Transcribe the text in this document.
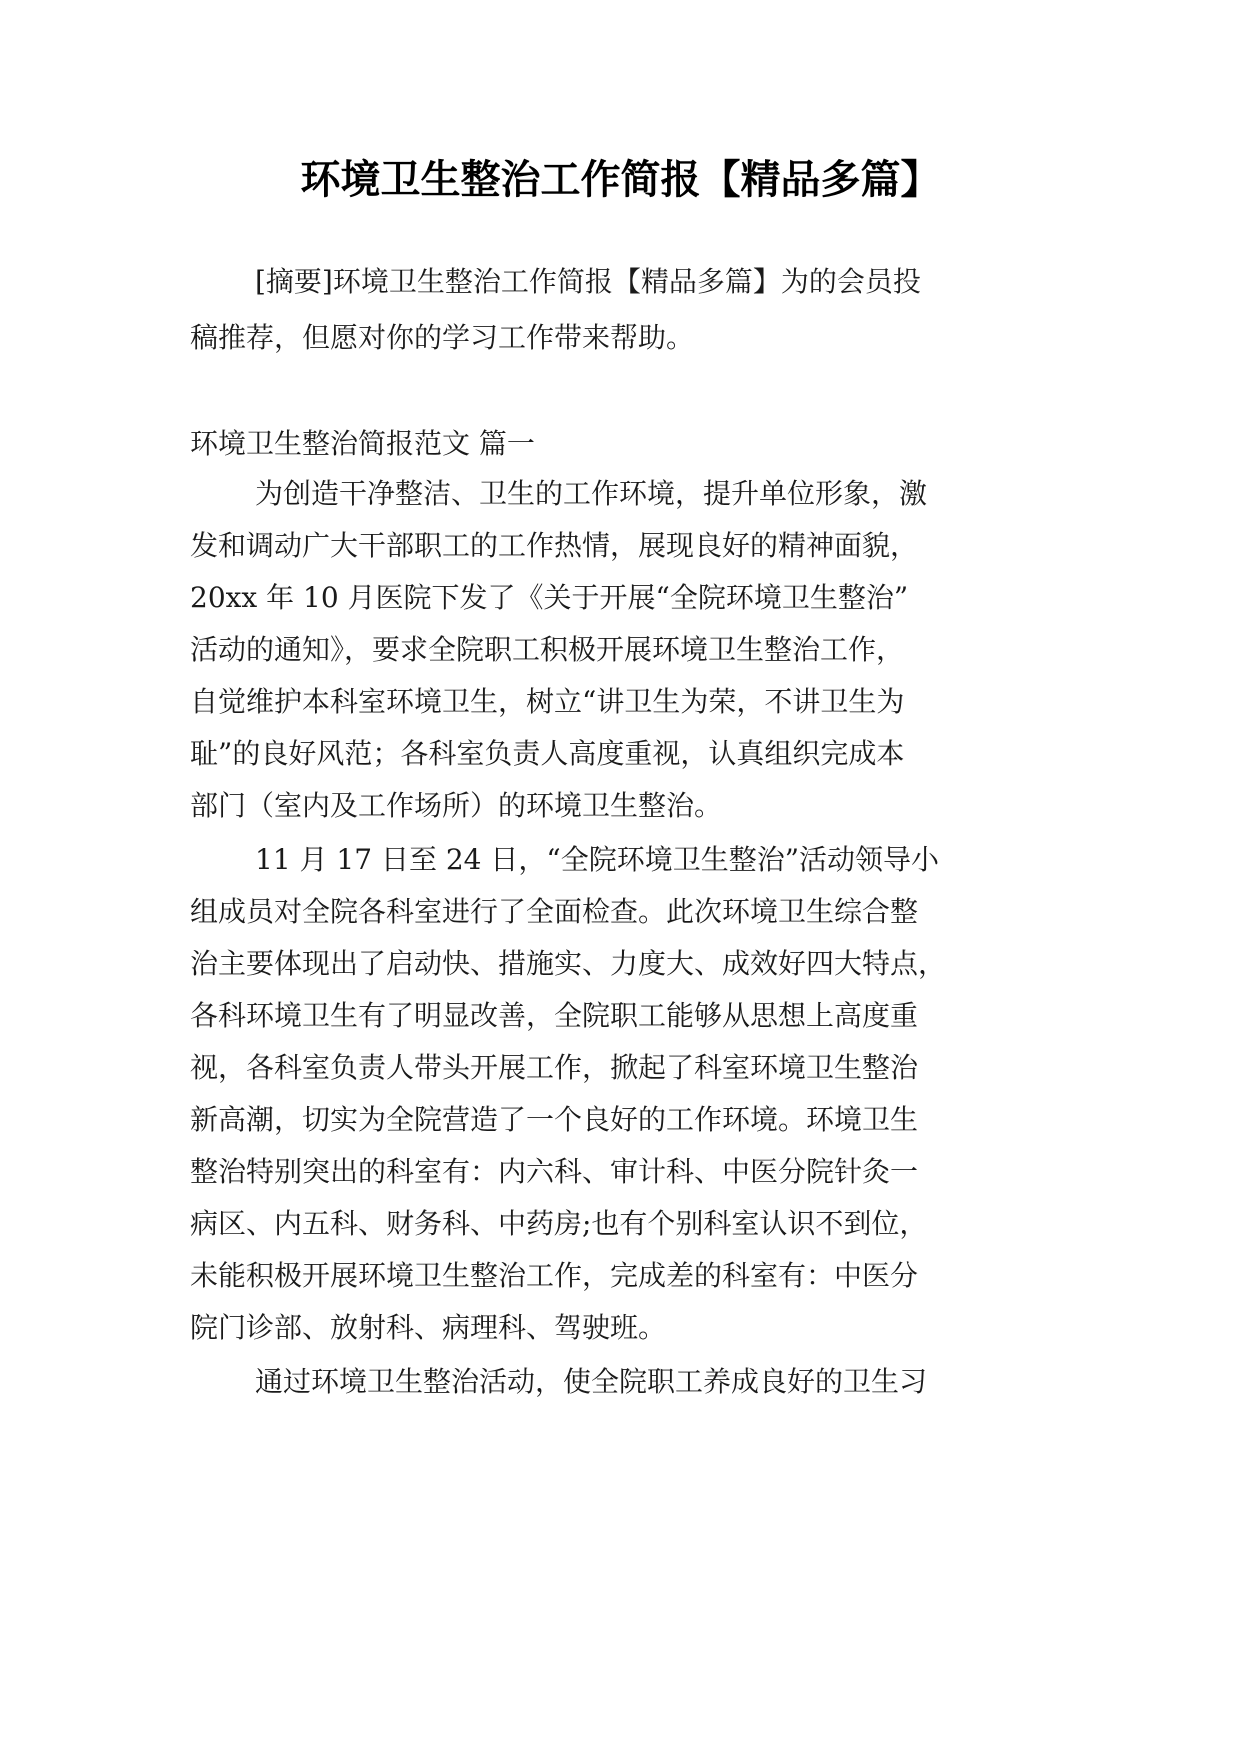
环境卫生整治工作简报【精品多篇】

[摘要]环境卫生整治工作简报【精品多篇】为的会员投

稿推荐，但愿对你的学习工作带来帮助。

环境卫生整治简报范文 篇一

为创造干净整洁、卫生的工作环境，提升单位形象，激

发和调动广大干部职工的工作热情，展现良好的精神面貌，

20xx 年 10 月医院下发了《关于开展“全院环境卫生整治”

活动的通知》，要求全院职工积极开展环境卫生整治工作，

自觉维护本科室环境卫生，树立“讲卫生为荣，不讲卫生为

耻”的良好风范；各科室负责人高度重视，认真组织完成本

部门（室内及工作场所）的环境卫生整治。

11 月 17 日至 24 日，“全院环境卫生整治”活动领导小

组成员对全院各科室进行了全面检查。此次环境卫生综合整

治主要体现出了启动快、措施实、力度大、成效好四大特点，

各科环境卫生有了明显改善，全院职工能够从思想上高度重

视，各科室负责人带头开展工作，掀起了科室环境卫生整治

新高潮，切实为全院营造了一个良好的工作环境。环境卫生

整治特别突出的科室有：内六科、审计科、中医分院针灸一

病区、内五科、财务科、中药房;也有个别科室认识不到位，

未能积极开展环境卫生整治工作，完成差的科室有：中医分

院门诊部、放射科、病理科、驾驶班。

通过环境卫生整治活动，使全院职工养成良好的卫生习
